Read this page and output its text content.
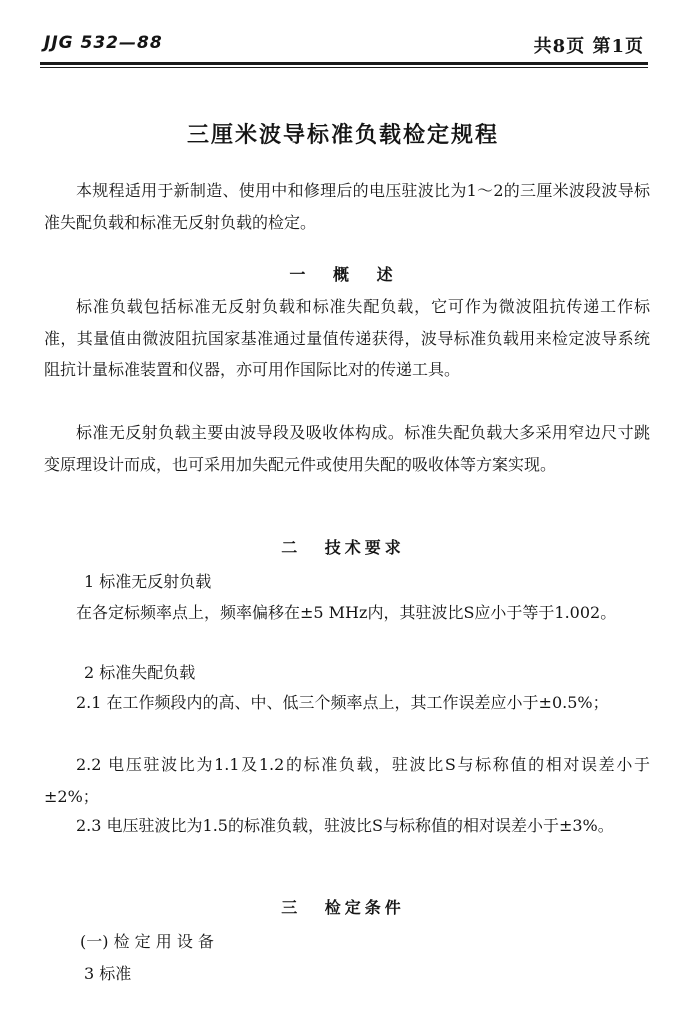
JJG 532—88	共8页 第1页
三厘米波导标准负载检定规程

本规程适用于新制造、使用中和修理后的电压驻波比为1～2的三厘米波段波导标准失配负载和标准无反射负载的检定。

一 概 述

标准负载包括标准无反射负载和标准失配负载，它可作为微波阻抗传递工作标准，其量值由微波阻抗国家基准通过量值传递获得，波导标准负载用来检定波导系统阻抗计量标准装置和仪器，亦可用作国际比对的传递工具。

标准无反射负载主要由波导段及吸收体构成。标准失配负载大多采用窄边尺寸跳变原理设计而成，也可采用加失配元件或使用失配的吸收体等方案实现。

二 技术要求
1 标准无反射负载

在各定标频率点上，频率偏移在±5 MHz内，其驻波比S应小于等于1.002。

2 标准失配负载

2.1 在工作频段内的高、中、低三个频率点上，其工作误差应小于±0.5%；

2.2 电压驻波比为1.1及1.2的标准负载，驻波比S与标称值的相对误差小于±2%；

2.3 电压驻波比为1.5的标准负载，驻波比S与标称值的相对误差小于±3%。

三 检定条件
(一) 检 定 用 设 备
3 标准
